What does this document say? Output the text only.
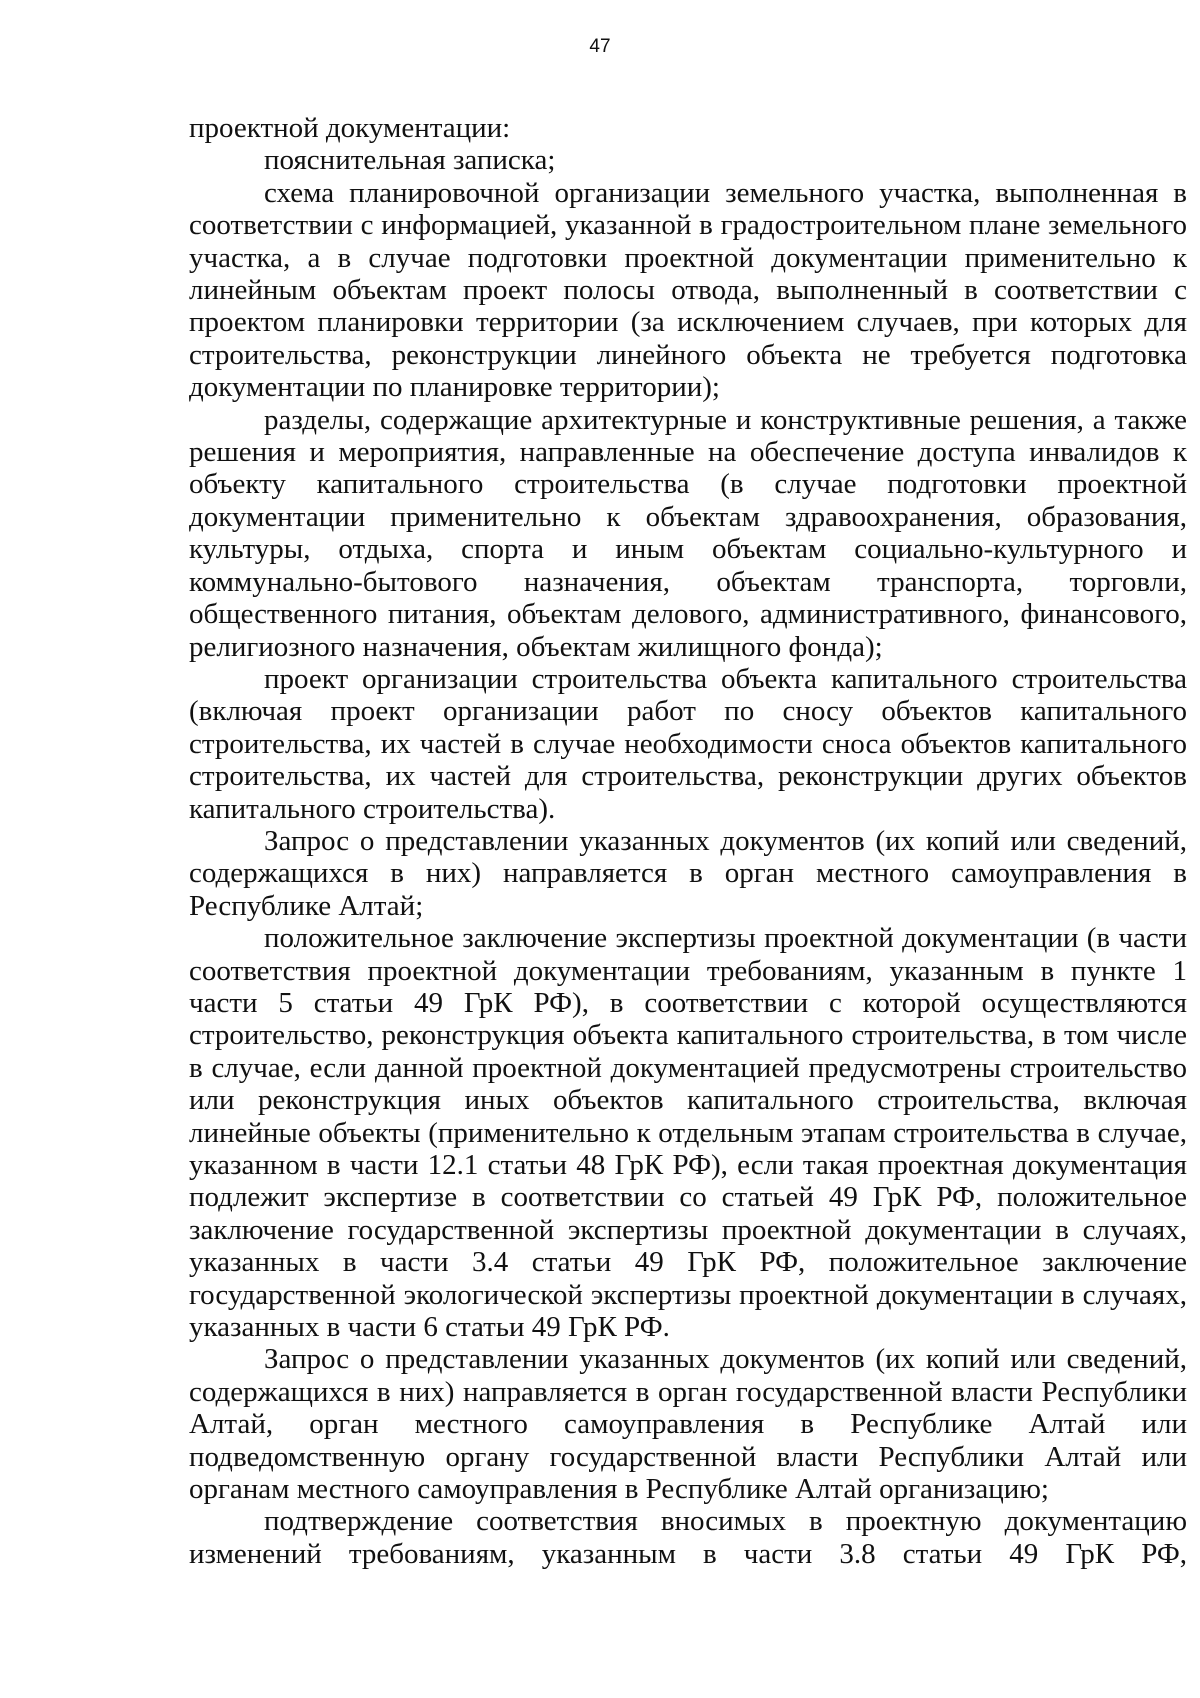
47

проектной документации:

пояснительная записка;

схема планировочной организации земельного участка, выполненная в соответствии с информацией, указанной в градостроительном плане земельного участка, а в случае подготовки проектной документации применительно к линейным объектам проект полосы отвода, выполненный в соответствии с проектом планировки территории (за исключением случаев, при которых для строительства, реконструкции линейного объекта не требуется подготовка документации по планировке территории);

разделы, содержащие архитектурные и конструктивные решения, а также решения и мероприятия, направленные на обеспечение доступа инвалидов к объекту капитального строительства (в случае подготовки проектной документации применительно к объектам здравоохранения, образования, культуры, отдыха, спорта и иным объектам социально-культурного и коммунально-бытового назначения, объектам транспорта, торговли, общественного питания, объектам делового, административного, финансового, религиозного назначения, объектам жилищного фонда);

проект организации строительства объекта капитального строительства (включая проект организации работ по сносу объектов капитального строительства, их частей в случае необходимости сноса объектов капитального строительства, их частей для строительства, реконструкции других объектов капитального строительства).

Запрос о представлении указанных документов (их копий или сведений, содержащихся в них) направляется в орган местного самоуправления в Республике Алтай;

положительное заключение экспертизы проектной документации (в части соответствия проектной документации требованиям, указанным в пункте 1 части 5 статьи 49 ГрК РФ), в соответствии с которой осуществляются строительство, реконструкция объекта капитального строительства, в том числе в случае, если данной проектной документацией предусмотрены строительство или реконструкция иных объектов капитального строительства, включая линейные объекты (применительно к отдельным этапам строительства в случае, указанном в части 12.1 статьи 48 ГрК РФ), если такая проектная документация подлежит экспертизе в соответствии со статьей 49 ГрК РФ, положительное заключение государственной экспертизы проектной документации в случаях, указанных в части 3.4 статьи 49 ГрК РФ, положительное заключение государственной экологической экспертизы проектной документации в случаях, указанных в части 6 статьи 49 ГрК РФ.

Запрос о представлении указанных документов (их копий или сведений, содержащихся в них) направляется в орган государственной власти Республики Алтай, орган местного самоуправления в Республике Алтай или подведомственную органу государственной власти Республики Алтай или органам местного самоуправления в Республике Алтай организацию;

подтверждение соответствия вносимых в проектную документацию изменений требованиям, указанным в части 3.8 статьи 49 ГрК РФ,
